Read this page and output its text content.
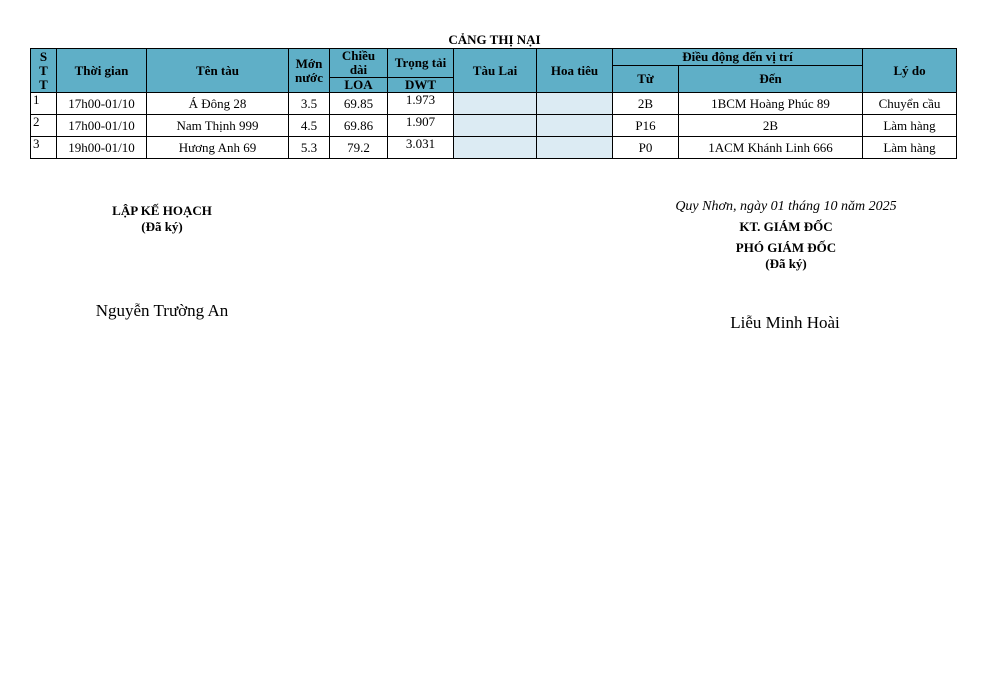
CẢNG THỊ NẠI
S T T	Thời gian	Tên tàu	Mớn nước	Chiều dài	Trọng tải	Tàu Lai	Hoa tiêu	Điều động đến vị trí		Lý do
								Từ	Đến	
				LOA	DWT					
1	17h00-01/10	Á Đông 28	3.5	69.85	1.973			2B	1BCM Hoàng Phúc 89	Chuyển cầu
2	17h00-01/10	Nam Thịnh 999	4.5	69.86	1.907			P16	2B	Làm hàng
3	19h00-01/10	Hương Anh 69	5.3	79.2	3.031			P0	1ACM Khánh Linh 666	Làm hàng
LẬP KẾ HOẠCH
(Đã ký)
Nguyễn Trường An
Quy Nhơn, ngày 01 tháng 10 năm 2025
KT. GIÁM ĐỐC
PHÓ GIÁM ĐỐC
(Đã ký)
Liễu Minh Hoài
